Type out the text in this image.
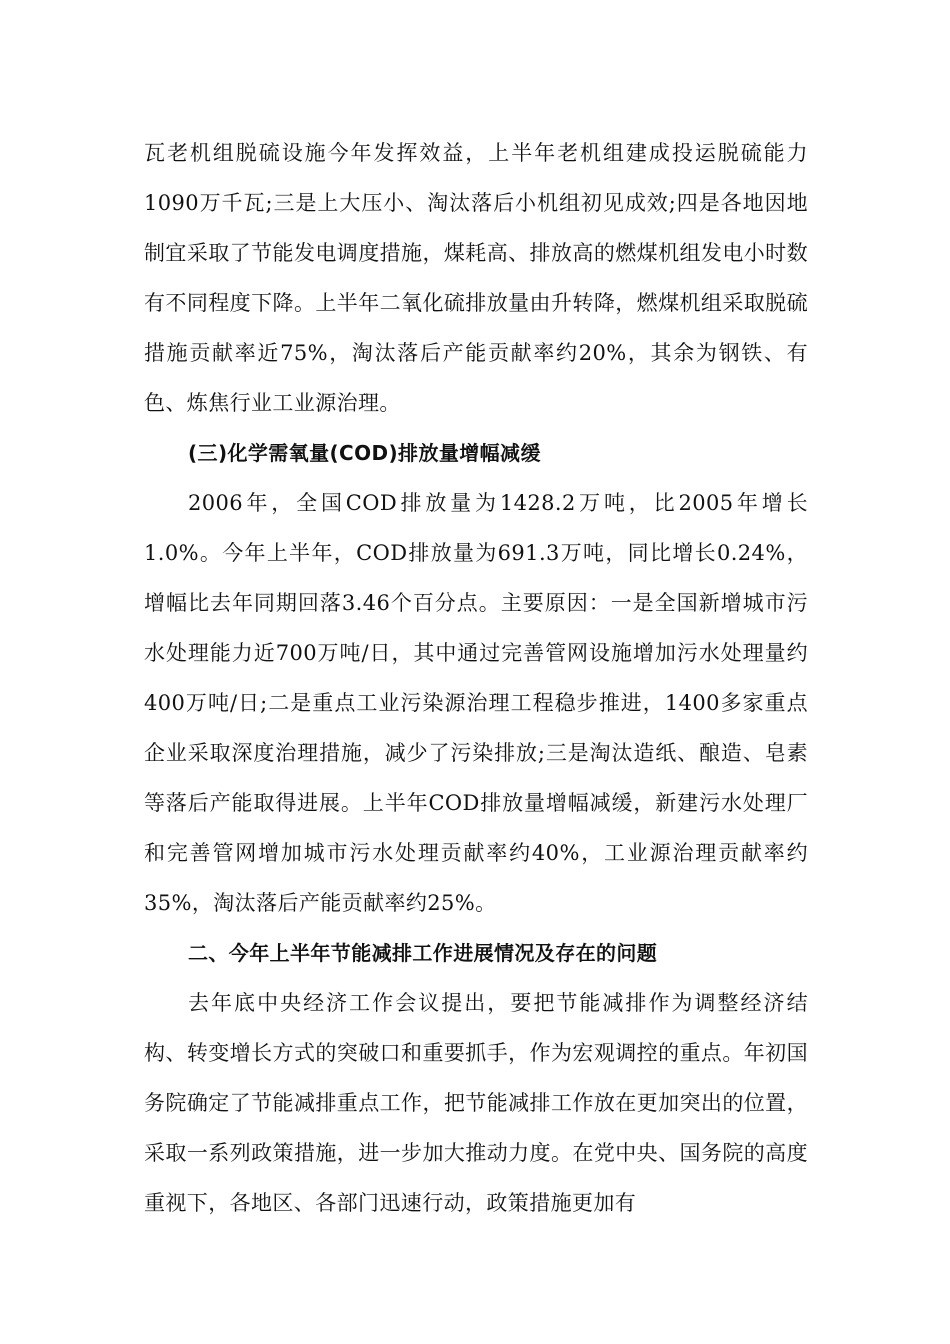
瓦老机组脱硫设施今年发挥效益，上半年老机组建成投运脱硫能力1090万千瓦;三是上大压小、淘汰落后小机组初见成效;四是各地因地制宜采取了节能发电调度措施，煤耗高、排放高的燃煤机组发电小时数有不同程度下降。上半年二氧化硫排放量由升转降，燃煤机组采取脱硫措施贡献率近75%，淘汰落后产能贡献率约20%，其余为钢铁、有色、炼焦行业工业源治理。

(三)化学需氧量(COD)排放量增幅减缓

2006年，全国COD排放量为1428.2万吨，比2005年增长1.0%。今年上半年，COD排放量为691.3万吨，同比增长0.24%，增幅比去年同期回落3.46个百分点。主要原因：一是全国新增城市污水处理能力近700万吨/日，其中通过完善管网设施增加污水处理量约400万吨/日;二是重点工业污染源治理工程稳步推进，1400多家重点企业采取深度治理措施，减少了污染排放;三是淘汰造纸、酿造、皂素等落后产能取得进展。上半年COD排放量增幅减缓，新建污水处理厂和完善管网增加城市污水处理贡献率约40%，工业源治理贡献率约35%，淘汰落后产能贡献率约25%。

二、今年上半年节能减排工作进展情况及存在的问题

去年底中央经济工作会议提出，要把节能减排作为调整经济结构、转变增长方式的突破口和重要抓手，作为宏观调控的重点。年初国务院确定了节能减排重点工作，把节能减排工作放在更加突出的位置，采取一系列政策措施，进一步加大推动力度。在党中央、国务院的高度重视下，各地区、各部门迅速行动，政策措施更加有
